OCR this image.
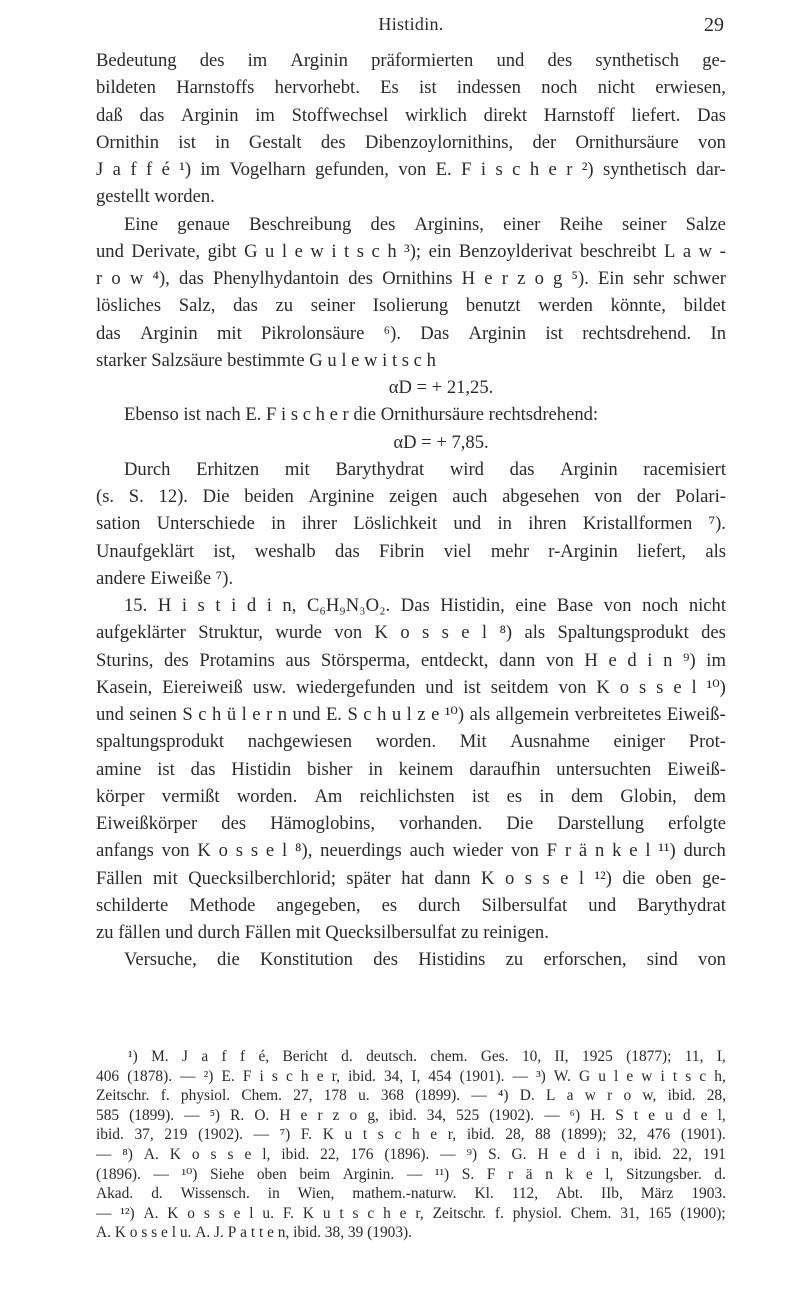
Histidin.	29
Bedeutung des im Arginin präformierten und des synthetisch ge-
bildeten Harnstoffs hervorhebt. Es ist indessen noch nicht erwiesen,
daß das Arginin im Stoffwechsel wirklich direkt Harnstoff liefert. Das
Ornithin ist in Gestalt des Dibenzoylornithins, der Ornithursäure von
J a f f é ¹) im Vogelharn gefunden, von E. F i s c h e r ²) synthetisch dar-
gestellt worden.
Eine genaue Beschreibung des Arginins, einer Reihe seiner Salze
und Derivate, gibt G u l e w i t s c h ³); ein Benzoylderivat beschreibt L a w -
r o w ⁴), das Phenylhydantoin des Ornithins H e r z o g ⁵). Ein sehr schwer
lösliches Salz, das zu seiner Isolierung benutzt werden könnte, bildet
das Arginin mit Pikrolonsäure ⁶). Das Arginin ist rechtsdrehend. In
starker Salzsäure bestimmte G u l e w i t s c h
αD = + 21,25.
Ebenso ist nach E. F i s c h e r die Ornithursäure rechtsdrehend:
αD = + 7,85.
Durch Erhitzen mit Barythydrat wird das Arginin racemisiert
(s. S. 12). Die beiden Arginine zeigen auch abgesehen von der Polari-
sation Unterschiede in ihrer Löslichkeit und in ihren Kristallformen ⁷).
Unaufgeklärt ist, weshalb das Fibrin viel mehr r-Arginin liefert, als
andere Eiweiße ⁷).
15. H i s t i d i n, C₆H₉N₃O₂. Das Histidin, eine Base von noch nicht
aufgeklärter Struktur, wurde von K o s s e l ⁸) als Spaltungsprodukt des
Sturins, des Protamins aus Störsperma, entdeckt, dann von H e d i n ⁹) im
Kasein, Eiereiweiß usw. wiedergefunden und ist seitdem von K o s s e l ¹⁰)
und seinen S c h ü l e r n und E. S c h u l z e ¹⁰) als allgemein verbreitetes Eiweiß-
spaltungsprodukt nachgewiesen worden. Mit Ausnahme einiger Prot-
amine ist das Histidin bisher in keinem daraufhin untersuchten Eiweiß-
körper vermißt worden. Am reichlichsten ist es in dem Globin, dem
Eiweißkörper des Hämoglobins, vorhanden. Die Darstellung erfolgte
anfangs von K o s s e l ⁸), neuerdings auch wieder von F r ä n k e l ¹¹) durch
Fällen mit Quecksilberchlorid; später hat dann K o s s e l ¹²) die oben ge-
schilderte Methode angegeben, es durch Silbersulfat und Barythydrat
zu fällen und durch Fällen mit Quecksilbersulfat zu reinigen.
Versuche, die Konstitution des Histidins zu erforschen, sind von
¹) M. J a f f é, Bericht d. deutsch. chem. Ges. 10, II, 1925 (1877); 11, I,
406 (1878). — ²) E. F i s c h e r, ibid. 34, I, 454 (1901). — ³) W. G u l e w i t s c h,
Zeitschr. f. physiol. Chem. 27, 178 u. 368 (1899). — ⁴) D. L a w r o w, ibid. 28,
585 (1899). — ⁵) R. O. H e r z o g, ibid. 34, 525 (1902). — ⁶) H. S t e u d e l,
ibid. 37, 219 (1902). — ⁷) F. K u t s c h e r, ibid. 28, 88 (1899); 32, 476 (1901).
— ⁸) A. K o s s e l, ibid. 22, 176 (1896). — ⁹) S. G. H e d i n, ibid. 22, 191
(1896). — ¹⁰) Siehe oben beim Arginin. — ¹¹) S. F r ä n k e l, Sitzungsber. d.
Akad. d. Wissensch. in Wien, mathem.-naturw. Kl. 112, Abt. IIb, März 1903.
— ¹²) A. K o s s e l u. F. K u t s c h e r, Zeitschr. f. physiol. Chem. 31, 165 (1900);
A. K o s s e l u. A. J. P a t t e n, ibid. 38, 39 (1903).
